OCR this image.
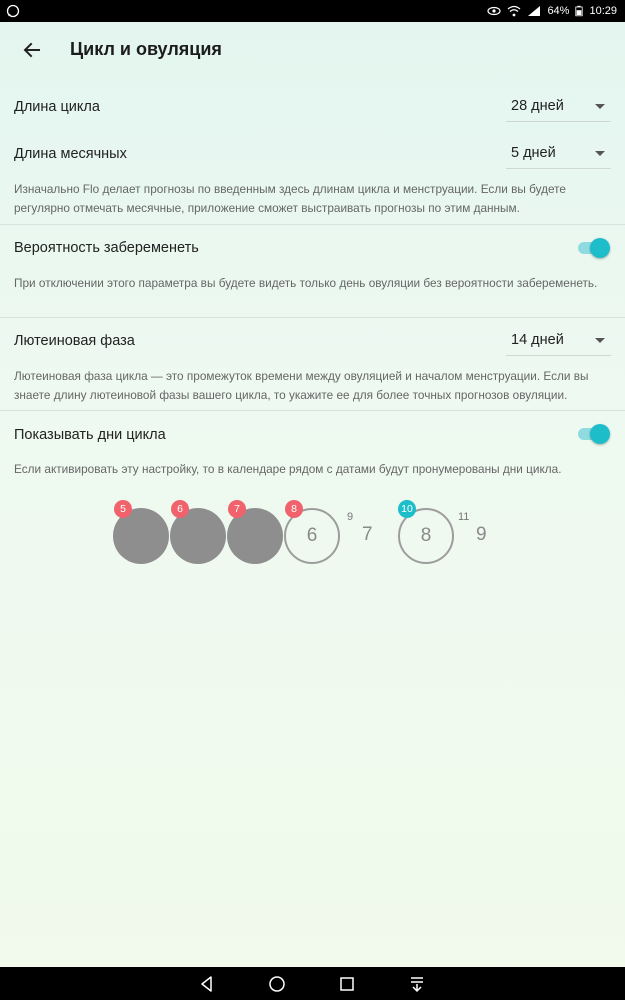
64% 10:29
Цикл и овуляция
Длина цикла	28 дней
Длина месячных	5 дней
Изначально Flo делает прогнозы по введенным здесь длинам цикла и менструации. Если вы будете регулярно отмечать месячные, приложение сможет выстраивать прогнозы по этим данным.
Вероятность забеременеть
При отключении этого параметра вы будете видеть только день овуляции без вероятности забеременеть.
Лютеиновая фаза	14 дней
Лютеиновая фаза цикла — это промежуток времени между овуляцией и началом менструации. Если вы знаете длину лютеиновой фазы вашего цикла, то укажите ее для более точных прогнозов овуляции.
Показывать дни цикла
Если активировать эту настройку, то в календаре рядом с датами будут пронумерованы дни цикла.
5	6	7
6
8
9
7	8
10
11
9
